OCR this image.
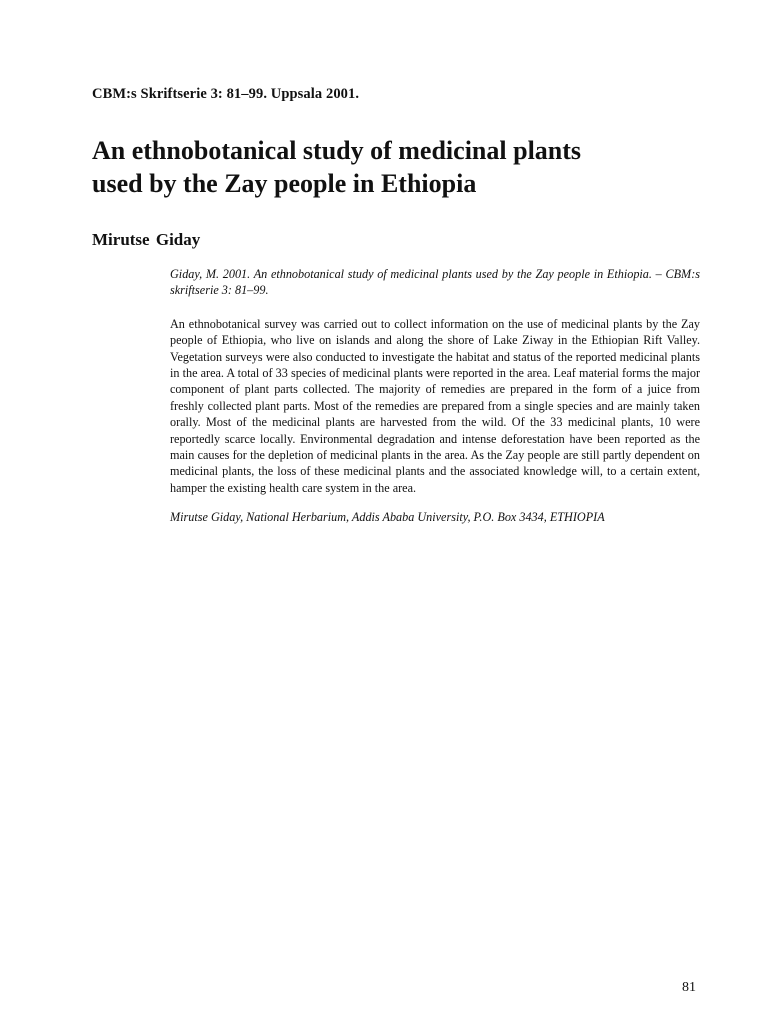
CBM:s Skriftserie 3: 81–99. Uppsala 2001.
An ethnobotanical study of medicinal plants
used by the Zay people in Ethiopia
Mirutse Giday

Giday, M. 2001. An ethnobotanical study of medicinal plants used by the Zay people in Ethiopia. – CBM:s skriftserie 3: 81–99.

An ethnobotanical survey was carried out to collect information on the use of medicinal plants by the Zay people of Ethiopia, who live on islands and along the shore of Lake Ziway in the Ethiopian Rift Valley. Vegetation surveys were also conducted to investigate the habitat and status of the reported medicinal plants in the area. A total of 33 species of medicinal plants were reported in the area. Leaf material forms the major component of plant parts collected. The majority of remedies are prepared in the form of a juice from freshly collected plant parts. Most of the remedies are prepared from a single species and are mainly taken orally. Most of the medicinal plants are harvested from the wild. Of the 33 medicinal plants, 10 were reportedly scarce locally. Environmental degradation and intense deforestation have been reported as the main causes for the depletion of medicinal plants in the area. As the Zay people are still partly dependent on medicinal plants, the loss of these medicinal plants and the associated knowledge will, to a certain extent, hamper the existing health care system in the area.

Mirutse Giday, National Herbarium, Addis Ababa University, P.O. Box 3434, ETHIOPIA

81
